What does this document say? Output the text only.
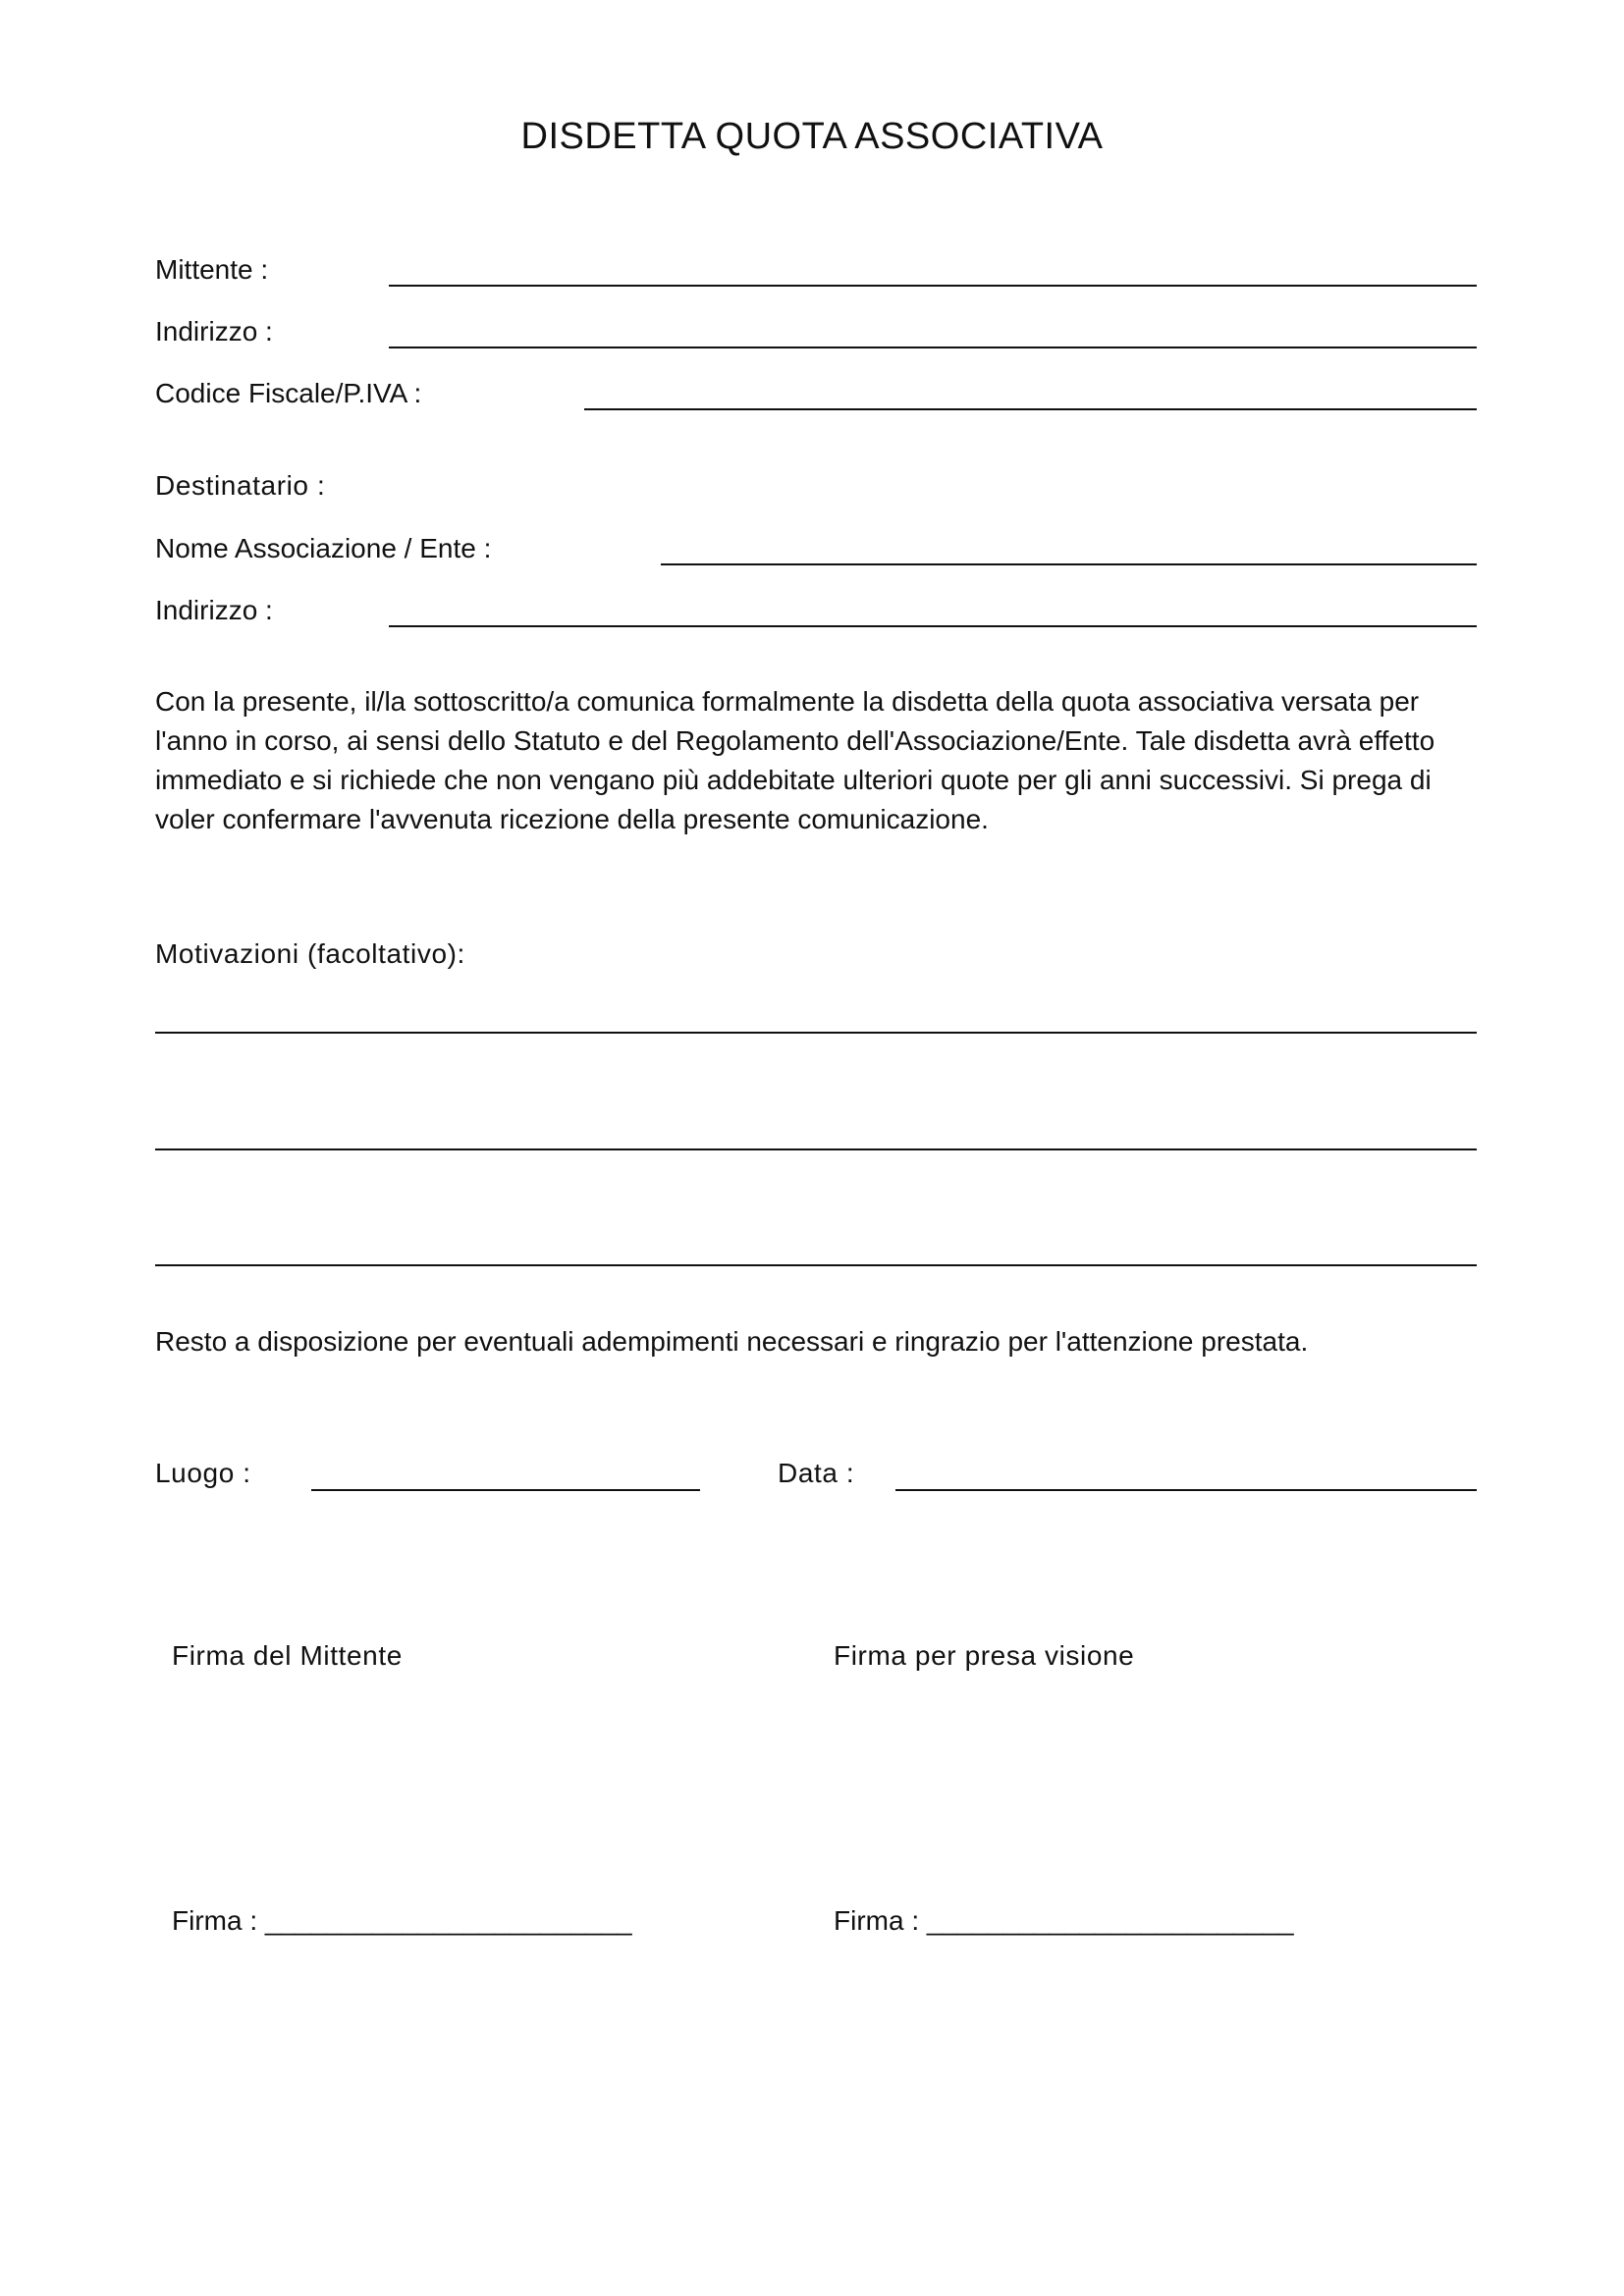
DISDETTA QUOTA ASSOCIATIVA
Mittente :
Indirizzo :
Codice Fiscale/P.IVA :
Destinatario :
Nome Associazione / Ente :
Indirizzo :

Con la presente, il/la sottoscritto/a comunica formalmente la disdetta della quota associativa versata per l'anno in corso, ai sensi dello Statuto e del Regolamento dell'Associazione/Ente. Tale disdetta avrà effetto immediato e si richiede che non vengano più addebitate ulteriori quote per gli anni successivi. Si prega di voler confermare l'avvenuta ricezione della presente comunicazione.

Motivazioni (facoltativo):
Resto a disposizione per eventuali adempimenti necessari e ringrazio per l'attenzione prestata.
Luogo :	Data :
Firma del Mittente	Firma per presa visione
Firma : ________________________	Firma : ________________________
